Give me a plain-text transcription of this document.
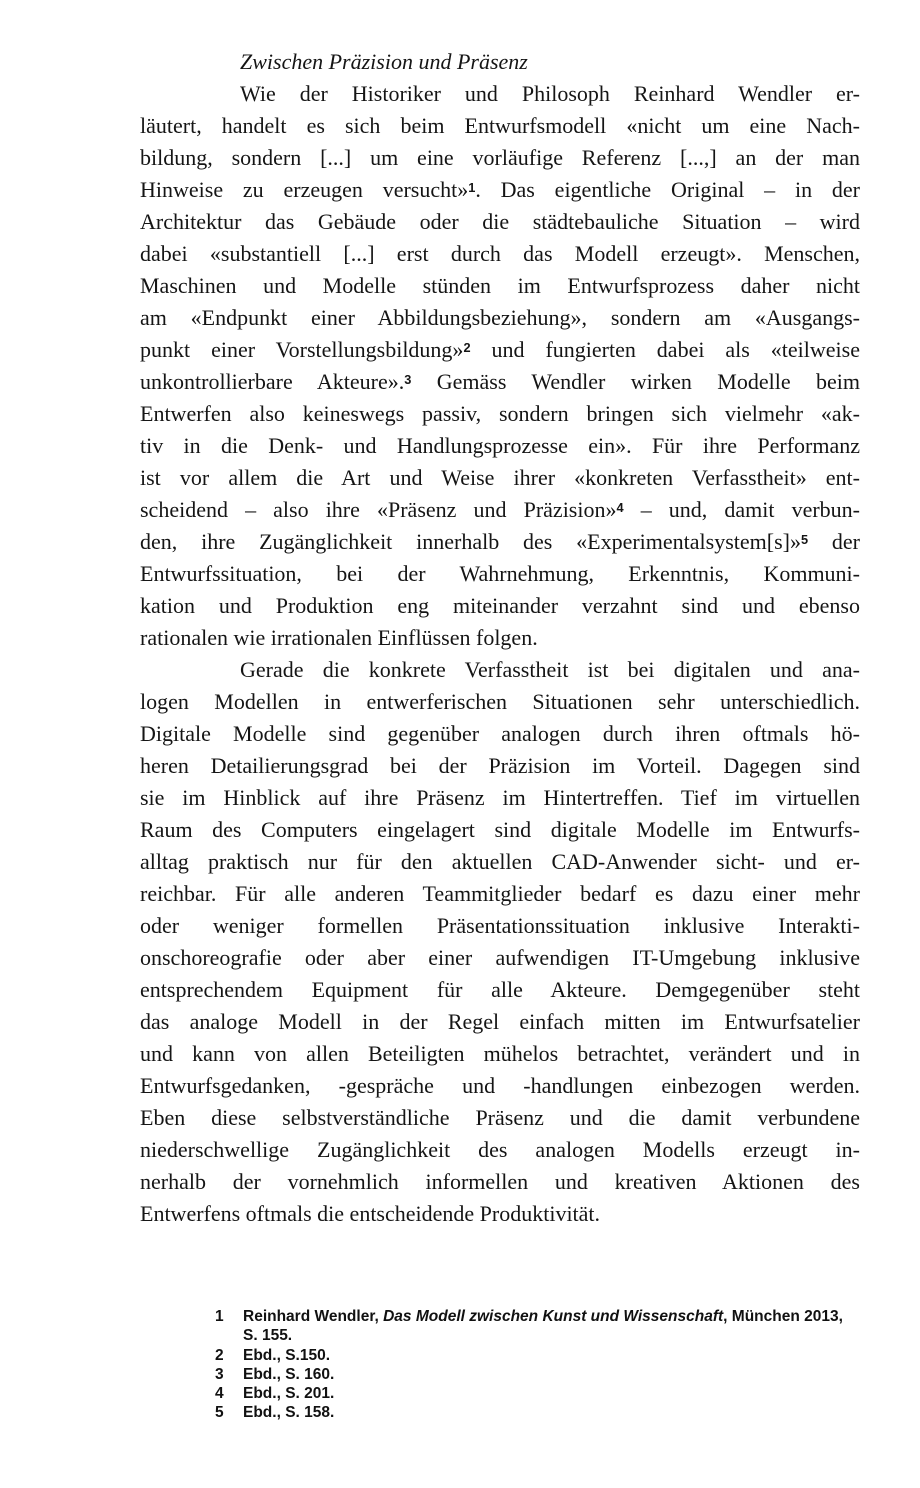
Zwischen Präzision und Präsenz
Wie der Historiker und Philosoph Reinhard Wendler er-
läutert, handelt es sich beim Entwurfsmodell «nicht um eine Nach-
bildung, sondern [...] um eine vorläufige Referenz [...,] an der man
Hinweise zu erzeugen versucht»$^1$. Das eigentliche Original – in der
Architektur das Gebäude oder die städtebauliche Situation – wird
dabei «substantiell [...] erst durch das Modell erzeugt». Menschen,
Maschinen und Modelle stünden im Entwurfsprozess daher nicht
am «Endpunkt einer Abbildungsbeziehung», sondern am «Ausgangs-
punkt einer Vorstellungsbildung»$^2$ und fungierten dabei als «teilweise
unkontrollierbare Akteure».$^3$ Gemäss Wendler wirken Modelle beim
Entwerfen also keineswegs passiv, sondern bringen sich vielmehr «ak-
tiv in die Denk- und Handlungsprozesse ein». Für ihre Performanz
ist vor allem die Art und Weise ihrer «konkreten Verfasstheit» ent-
scheidend – also ihre «Präsenz und Präzision»$^4$ – und, damit verbun-
den, ihre Zugänglichkeit innerhalb des «Experimentalsystem[s]»$^5$ der
Entwurfssituation, bei der Wahrnehmung, Erkenntnis, Kommuni-
kation und Produktion eng miteinander verzahnt sind und ebenso
rationalen wie irrationalen Einflüssen folgen.
Gerade die konkrete Verfasstheit ist bei digitalen und ana-
logen Modellen in entwerferischen Situationen sehr unterschiedlich.
Digitale Modelle sind gegenüber analogen durch ihren oftmals hö-
heren Detailierungsgrad bei der Präzision im Vorteil. Dagegen sind
sie im Hinblick auf ihre Präsenz im Hintertreffen. Tief im virtuellen
Raum des Computers eingelagert sind digitale Modelle im Entwurfs-
alltag praktisch nur für den aktuellen CAD-Anwender sicht- und er-
reichbar. Für alle anderen Teammitglieder bedarf es dazu einer mehr
oder weniger formellen Präsentationssituation inklusive Interakti-
onschoreografie oder aber einer aufwendigen IT-Umgebung inklusive
entsprechendem Equipment für alle Akteure. Demgegenüber steht
das analoge Modell in der Regel einfach mitten im Entwurfsatelier
und kann von allen Beteiligten mühelos betrachtet, verändert und in
Entwurfsgedanken, -gespräche und -handlungen einbezogen werden.
Eben diese selbstverständliche Präsenz und die damit verbundene
niederschwellige Zugänglichkeit des analogen Modells erzeugt in-
nerhalb der vornehmlich informellen und kreativen Aktionen des
Entwerfens oftmals die entscheidende Produktivität.
1	Reinhard Wendler, Das Modell zwischen Kunst und Wissenschaft, München 2013,
S. 155.
2	Ebd., S.150.
3	Ebd., S. 160.
4	Ebd., S. 201.
5	Ebd., S. 158.
